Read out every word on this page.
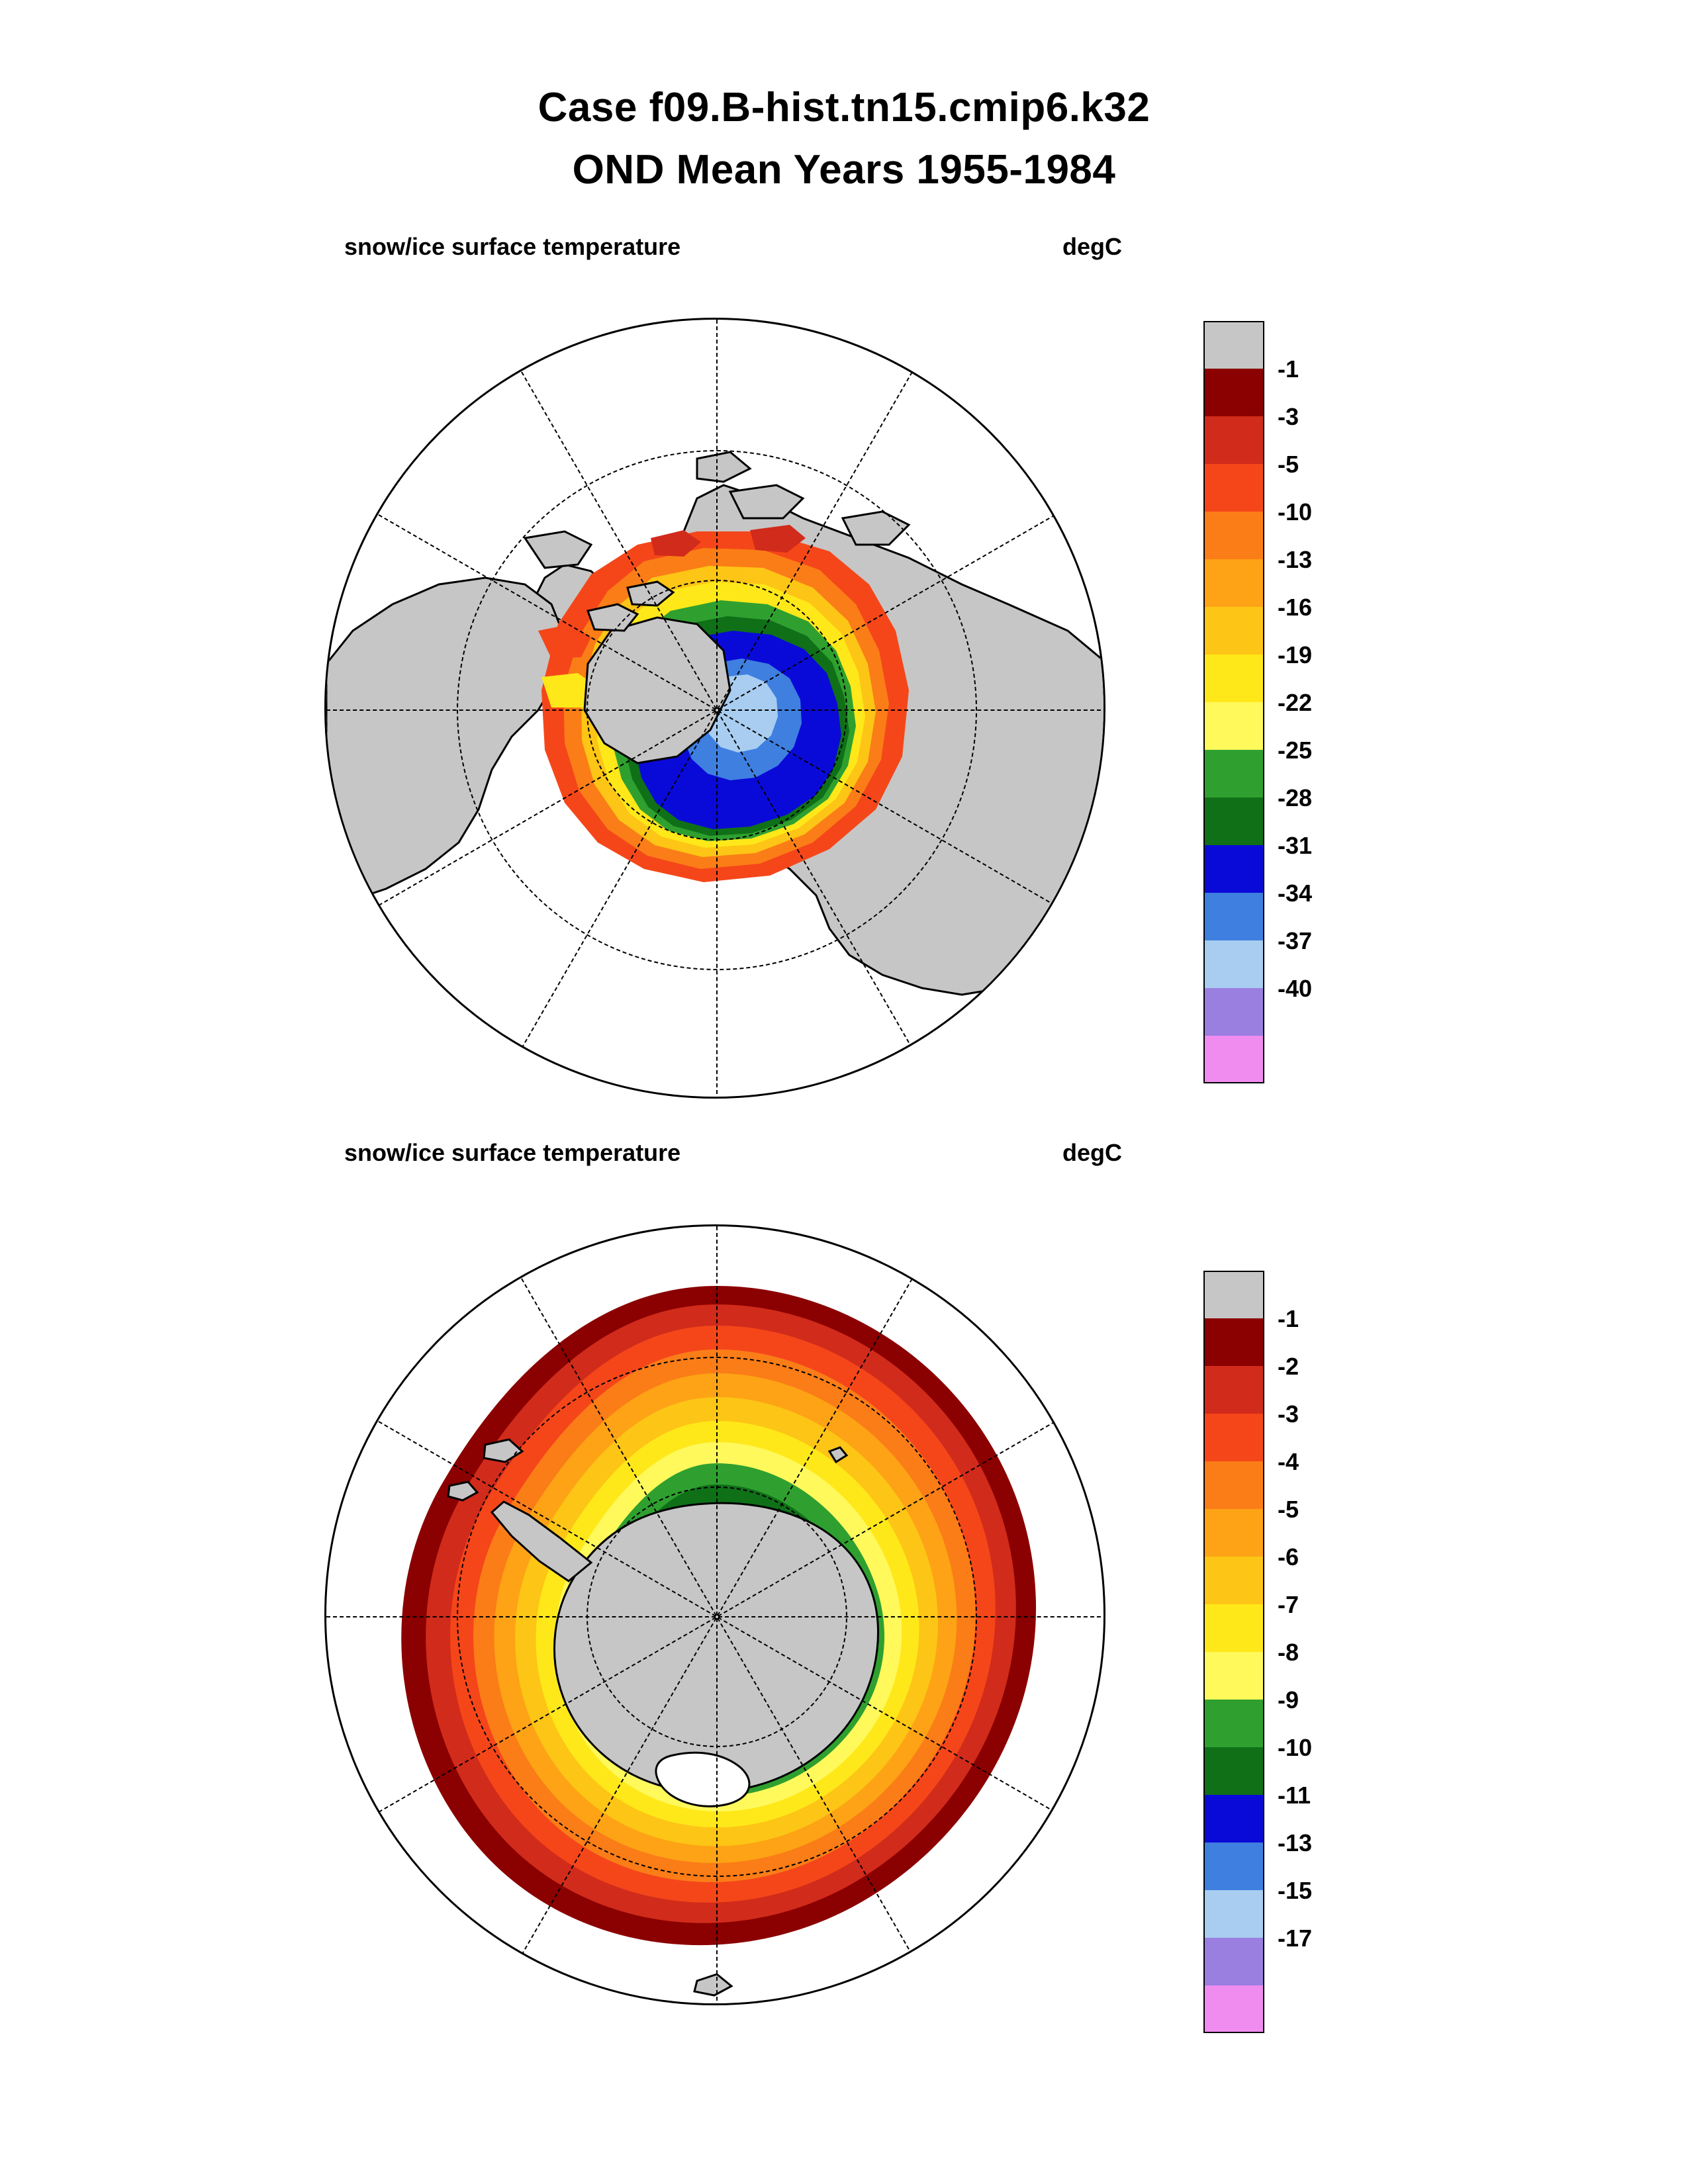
Case f09.B-hist.tn15.cmip6.k32
OND Mean Years 1955-1984
snow/ice surface temperature	degC
-1
-3
-5
-10
-13
-16
-19
-22
-25
-28
-31
-34
-37
-40
snow/ice surface temperature	degC
-1
-2
-3
-4
-5
-6
-7
-8
-9
-10
-11
-13
-15
-17
